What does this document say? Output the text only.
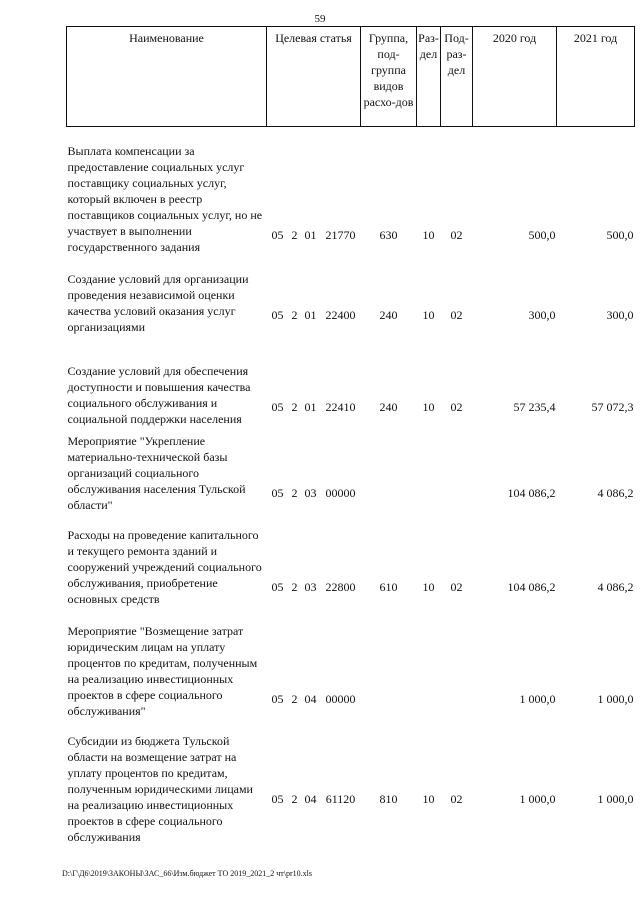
59
Наименование	Целевая статья				Группа, под-группа видов расхо-дов	Раз-дел	Под-раз-дел	2020 год	2021 год
Выплата компенсации за предоставление социальных услуг поставщику социальных услуг, который включен в реестр поставщиков социальных услуг, но не участвует в выполнении государственного задания	05	2	01	21770	630	10	02	500,0	500,0
Создание условий для организации проведения независимой оценки качества условий оказания услуг организациями	05	2	01	22400	240	10	02	300,0	300,0
Создание условий для обеспечения доступности и повышения качества социального обслуживания и социальной поддержки населения	05	2	01	22410	240	10	02	57 235,4	57 072,3
Мероприятие "Укрепление материально-технической базы организаций социального обслуживания населения Тульской области"	05	2	03	00000				104 086,2	4 086,2
Расходы на проведение капитального и текущего ремонта зданий и сооружений учреждений социального обслуживания, приобретение основных средств	05	2	03	22800	610	10	02	104 086,2	4 086,2
Мероприятие "Возмещение затрат юридическим лицам на уплату процентов по кредитам, полученным на реализацию инвестиционных проектов в сфере социального обслуживания"	05	2	04	00000				1 000,0	1 000,0
Субсидии из бюджета Тульской области на возмещение затрат на уплату процентов по кредитам, полученным юридическими лицами на реализацию инвестиционных проектов в сфере социального обслуживания	05	2	04	61120	810	10	02	1 000,0	1 000,0
D:\Г\Д6\2019\ЗАКОНЫ\ЗАС_66\Изм.бюджет ТО 2019_2021_2 чт\pr10.xls
